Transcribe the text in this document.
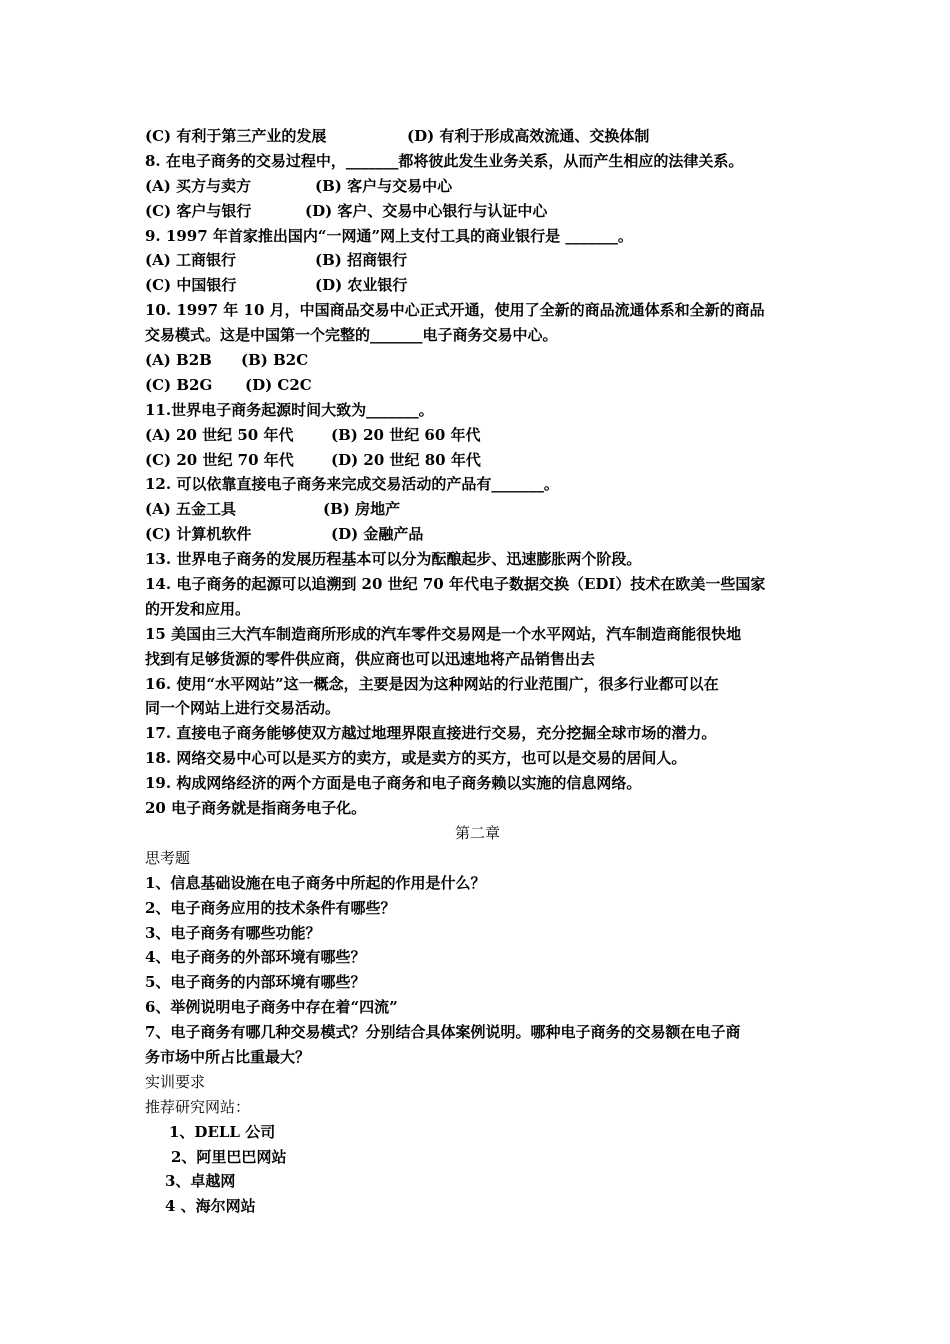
(C) 有利于第三产业的发展	(D) 有利于形成高效流通、交换体制
8. 在电子商务的交易过程中，_______都将彼此发生业务关系，从而产生相应的法律关系。
(A) 买方与卖方	(B) 客户与交易中心
(C) 客户与银行	(D) 客户、交易中心银行与认证中心
9. 1997 年首家推出国内“一网通”网上支付工具的商业银行是 _______。
(A) 工商银行	(B) 招商银行
(C) 中国银行	(D) 农业银行
10. 1997 年 10 月，中国商品交易中心正式开通，使用了全新的商品流通体系和全新的商品
交易模式。这是中国第一个完整的_______电子商务交易中心。
(A) B2B (B) B2C
(C) B2G (D) C2C
11.世界电子商务起源时间大致为_______。
(A) 20 世纪 50 年代	(B) 20 世纪 60 年代
(C) 20 世纪 70 年代 (D) 20 世纪 80 年代
12. 可以依靠直接电子商务来完成交易活动的产品有_______。
(A) 五金工具	(B) 房地产
(C) 计算机软件	(D) 金融产品
13. 世界电子商务的发展历程基本可以分为酝酿起步、迅速膨胀两个阶段。
14. 电子商务的起源可以追溯到 20 世纪 70 年代电子数据交换（EDI）技术在欧美一些国家
的开发和应用。
15 美国由三大汽车制造商所形成的汽车零件交易网是一个水平网站，汽车制造商能很快地
找到有足够货源的零件供应商，供应商也可以迅速地将产品销售出去
16. 使用“水平网站”这一概念，主要是因为这种网站的行业范围广，很多行业都可以在
同一个网站上进行交易活动。
17. 直接电子商务能够使双方越过地理界限直接进行交易，充分挖掘全球市场的潜力。
18. 网络交易中心可以是买方的卖方，或是卖方的买方，也可以是交易的居间人。
19. 构成网络经济的两个方面是电子商务和电子商务赖以实施的信息网络。
20 电子商务就是指商务电子化。
第二章
思考题
1、信息基础设施在电子商务中所起的作用是什么？
2、电子商务应用的技术条件有哪些？
3、电子商务有哪些功能？
4、电子商务的外部环境有哪些？
5、电子商务的内部环境有哪些？
6、举例说明电子商务中存在着“四流”
7、电子商务有哪几种交易模式？分别结合具体案例说明。哪种电子商务的交易额在电子商
务市场中所占比重最大？
实训要求
推荐研究网站：
1、DELL 公司
2、阿里巴巴网站
3、卓越网
4 、海尔网站
